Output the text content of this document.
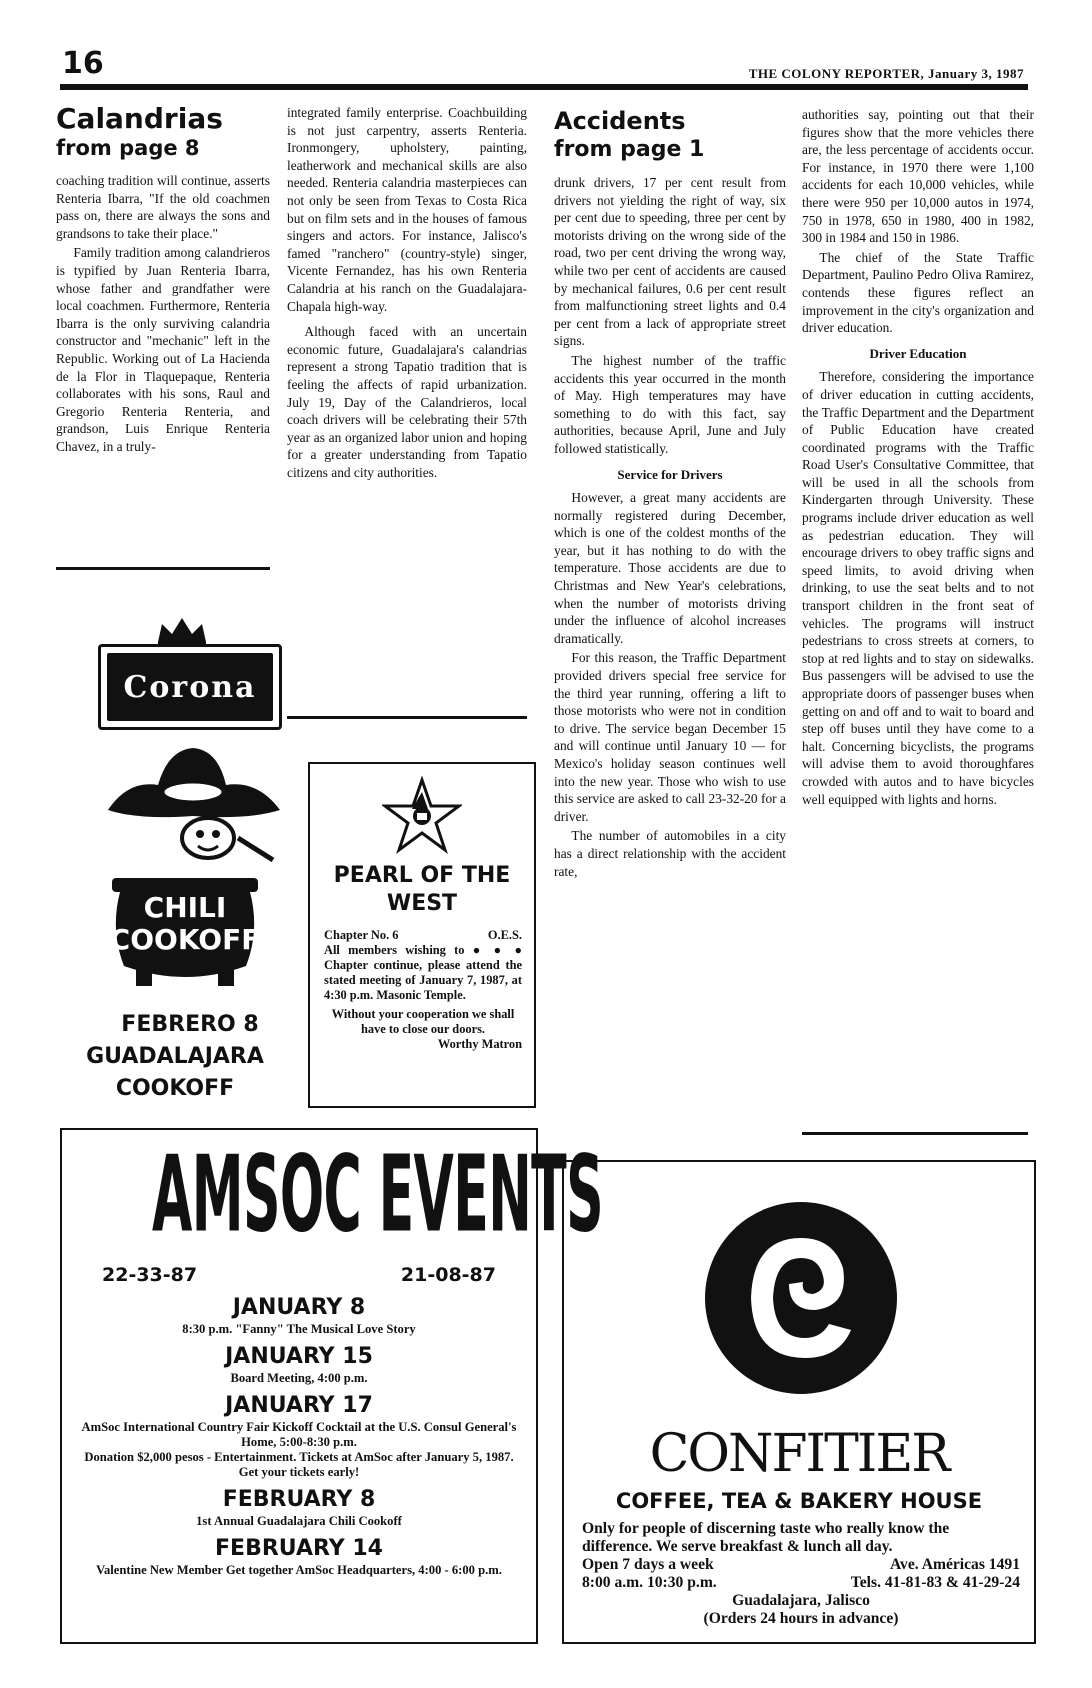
16	THE COLONY REPORTER, January 3, 1987
Calandrias
from page 8

coaching tradition will continue, asserts Renteria Ibarra, "If the old coachmen pass on, there are always the sons and grandsons to take their place."

Family tradition among calandrieros is typified by Juan Renteria Ibarra, whose father and grandfather were local coachmen. Furthermore, Renteria Ibarra is the only surviving calandria constructor and "mechanic" left in the Republic. Working out of La Hacienda de la Flor in Tlaquepaque, Renteria collaborates with his sons, Raul and Gregorio Renteria Renteria, and grandson, Luis Enrique Renteria Chavez, in a truly-

integrated family enterprise. Coachbuilding is not just carpentry, asserts Renteria. Ironmongery, upholstery, painting, leatherwork and mechanical skills are also needed. Renteria calandria masterpieces can not only be seen from Texas to Costa Rica but on film sets and in the houses of famous singers and actors. For instance, Jalisco's famed "ranchero" (country-style) singer, Vicente Fernandez, has his own Renteria Calandria at his ranch on the Guadalajara-Chapala high-way.

Although faced with an uncertain economic future, Guadalajara's calandrias represent a strong Tapatio tradition that is feeling the affects of rapid urbanization. July 19, Day of the Calandrieros, local coach drivers will be celebrating their 57th year as an organized labor union and hoping for a greater understanding from Tapatio citizens and city authorities.

Corona
CHILI
COOKOFF
FEBRERO 8
GUADALAJARA
COOKOFF
PEARL OF THE WEST
Chapter No. 6	O.E.S.
All members wishing to ● ● ● Chapter continue, please attend the stated meeting of January 7, 1987, at 4:30 p.m. Masonic Temple.
Without your cooperation we shall have to close our doors.
Worthy Matron
Accidents
from page 1

drunk drivers, 17 per cent result from drivers not yielding the right of way, six per cent due to speeding, three per cent by motorists driving on the wrong side of the road, two per cent driving the wrong way, while two per cent of accidents are caused by mechanical failures, 0.6 per cent result from malfunctioning street lights and 0.4 per cent from a lack of appropriate street signs.

The highest number of the traffic accidents this year occurred in the month of May. High temperatures may have something to do with this fact, say authorities, because April, June and July followed statistically.

Service for Drivers

However, a great many accidents are normally registered during December, which is one of the coldest months of the year, but it has nothing to do with the temperature. Those accidents are due to Christmas and New Year's celebrations, when the number of motorists driving under the influence of alcohol increases dramatically.

For this reason, the Traffic Department provided drivers special free service for the third year running, offering a lift to those motorists who were not in condition to drive. The service began December 15 and will continue until January 10 — for Mexico's holiday season continues well into the new year. Those who wish to use this service are asked to call 23-32-20 for a driver.

The number of automobiles in a city has a direct relationship with the accident rate,

authorities say, pointing out that their figures show that the more vehicles there are, the less percentage of accidents occur. For instance, in 1970 there were 1,100 accidents for each 10,000 vehicles, while there were 950 per 10,000 autos in 1974, 750 in 1978, 650 in 1980, 400 in 1982, 300 in 1984 and 150 in 1986.

The chief of the State Traffic Department, Paulino Pedro Oliva Ramirez, contends these figures reflect an improvement in the city's organization and driver education.

Driver Education

Therefore, considering the importance of driver education in cutting accidents, the Traffic Department and the Department of Public Education have created coordinated programs with the Traffic Road User's Consultative Committee, that will be used in all the schools from Kindergarten through University. These programs include driver education as well as pedestrian education. They will encourage drivers to obey traffic signs and speed limits, to avoid driving when drinking, to use the seat belts and to not transport children in the front seat of vehicles. The programs will instruct pedestrians to cross streets at corners, to stop at red lights and to stay on sidewalks. Bus passengers will be advised to use the appropriate doors of passenger buses when getting on and off and to wait to board and step off buses until they have come to a halt. Concerning bicyclists, the programs will advise them to avoid thoroughfares crowded with autos and to have bicycles well equipped with lights and horns.

AMSOC EVENTS
22-33-87	21-08-87
JANUARY 8
8:30 p.m. "Fanny" The Musical Love Story
JANUARY 15
Board Meeting, 4:00 p.m.
JANUARY 17
AmSoc International Country Fair Kickoff Cocktail at the U.S. Consul General's Home, 5:00-8:30 p.m.
Donation $2,000 pesos - Entertainment. Tickets at AmSoc after January 5, 1987. Get your tickets early!
FEBRUARY 8
1st Annual Guadalajara Chili Cookoff
FEBRUARY 14
Valentine New Member Get together AmSoc Headquarters, 4:00 - 6:00 p.m.
CONFITIER
COFFEE, TEA & BAKERY HOUSE
Only for people of discerning taste who really know the difference. We serve breakfast & lunch all day.
Open 7 days a week	Ave. Américas 1491
8:00 a.m. 10:30 p.m.	Tels. 41-81-83 & 41-29-24
Guadalajara, Jalisco
(Orders 24 hours in advance)
